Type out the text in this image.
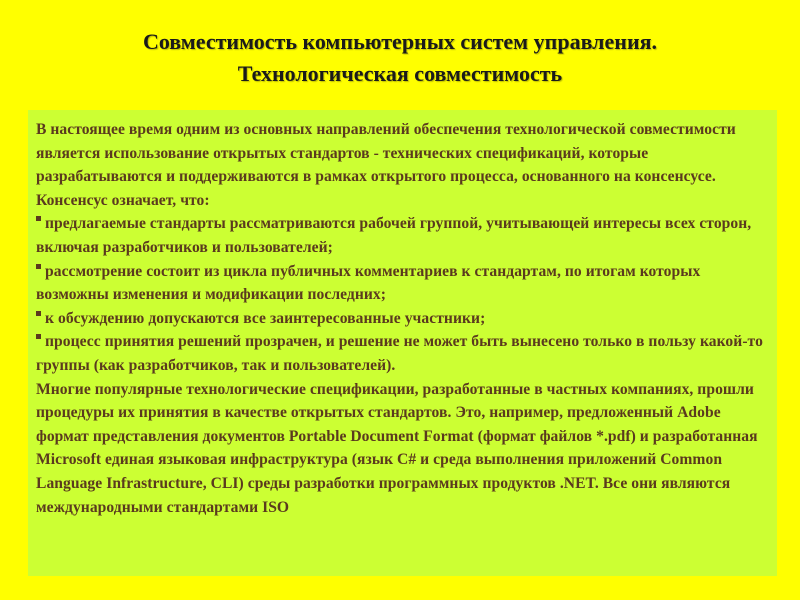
Совместимость компьютерных систем управления.
Технологическая совместимость

В настоящее время одним из основных направлений обеспечения технологической совместимости является использование открытых стандартов - технических спецификаций, которые разрабатываются и поддерживаются в рамках открытого процесса, основанного на консенсусе. Консенсус означает, что:

предлагаемые стандарты рассматриваются рабочей группой, учитывающей интересы всех сторон, включая разработчиков и пользователей;

рассмотрение состоит из цикла публичных комментариев к стандартам, по итогам которых возможны изменения и модификации последних;

к обсуждению допускаются все заинтересованные участники;

процесс принятия решений прозрачен, и решение не может быть вынесено только в пользу какой-то группы (как разработчиков, так и пользователей).

Многие популярные технологические спецификации, разработанные в частных компаниях, прошли процедуры их принятия в качестве открытых стандартов. Это, например, предложенный Adobe формат представления документов Portable Document Format (формат файлов *.pdf) и разработанная Microsoft единая языковая инфраструктура (язык C# и среда выполнения приложений Common Language Infrastructure, CLI) среды разработки программных продуктов .NET. Все они являются международными стандартами ISO
